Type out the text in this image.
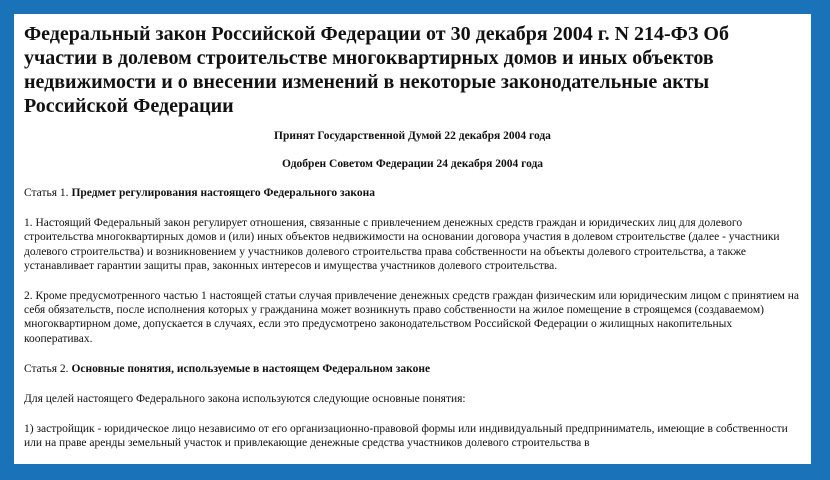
Федеральный закон Российской Федерации от 30 декабря 2004 г. N 214-ФЗ Об участии в долевом строительстве многоквартирных домов и иных объектов недвижимости и о внесении изменений в некоторые законодательные акты Российской Федерации
Принят Государственной Думой 22 декабря 2004 года
Одобрен Советом Федерации 24 декабря 2004 года

Статья 1. Предмет регулирования настоящего Федерального закона

1. Настоящий Федеральный закон регулирует отношения, связанные с привлечением денежных средств граждан и юридических лиц для долевого строительства многоквартирных домов и (или) иных объектов недвижимости на основании договора участия в долевом строительстве (далее - участники долевого строительства) и возникновением у участников долевого строительства права собственности на объекты долевого строительства, а также устанавливает гарантии защиты прав, законных интересов и имущества участников долевого строительства.

2. Кроме предусмотренного частью 1 настоящей статьи случая привлечение денежных средств граждан физическим или юридическим лицом с принятием на себя обязательств, после исполнения которых у гражданина может возникнуть право собственности на жилое помещение в строящемся (создаваемом) многоквартирном доме, допускается в случаях, если это предусмотрено законодательством Российской Федерации о жилищных накопительных кооперативах.

Статья 2. Основные понятия, используемые в настоящем Федеральном законе

Для целей настоящего Федерального закона используются следующие основные понятия:

1) застройщик - юридическое лицо независимо от его организационно-правовой формы или индивидуальный предприниматель, имеющие в собственности или на праве аренды земельный участок и привлекающие денежные средства участников долевого строительства в
